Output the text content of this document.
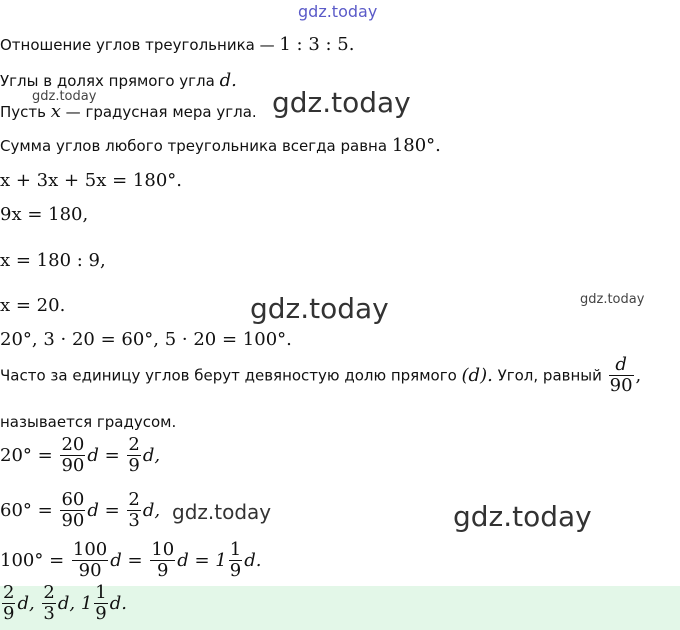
gdz.today
gdz.today	gdz.today
gdz.today	gdz.today
gdz.today	gdz.today
Отношение углов треугольника — 1 : 3 : 5.
Углы в долях прямого угла d.
Пусть x — градусная мера угла.
Сумма углов любого треугольника всегда равна 180°.
x + 3x + 5x = 180°.
9x = 180,
x = 180 : 9,
x = 20.
20°, 3 · 20 = 60°, 5 · 20 = 100°.
Часто за единицу углов берут девяностую долю прямого (d). Угол, равный $\frac{d}{90}$ ,
называется градусом.
$20^\circ = \frac{20}{90}$ $d = \frac{2}{9} d$,
$60^\circ = \frac{60}{90}$ $d = \frac{2}{3} d$,
$100^\circ = \frac{100}{90}$ $d = \frac{10}{9}$ $d = 1 \frac{1}{9} d$.
$\frac{2}{9} d$, $\frac{2}{3} d$, $1 \frac{1}{9} d$.
